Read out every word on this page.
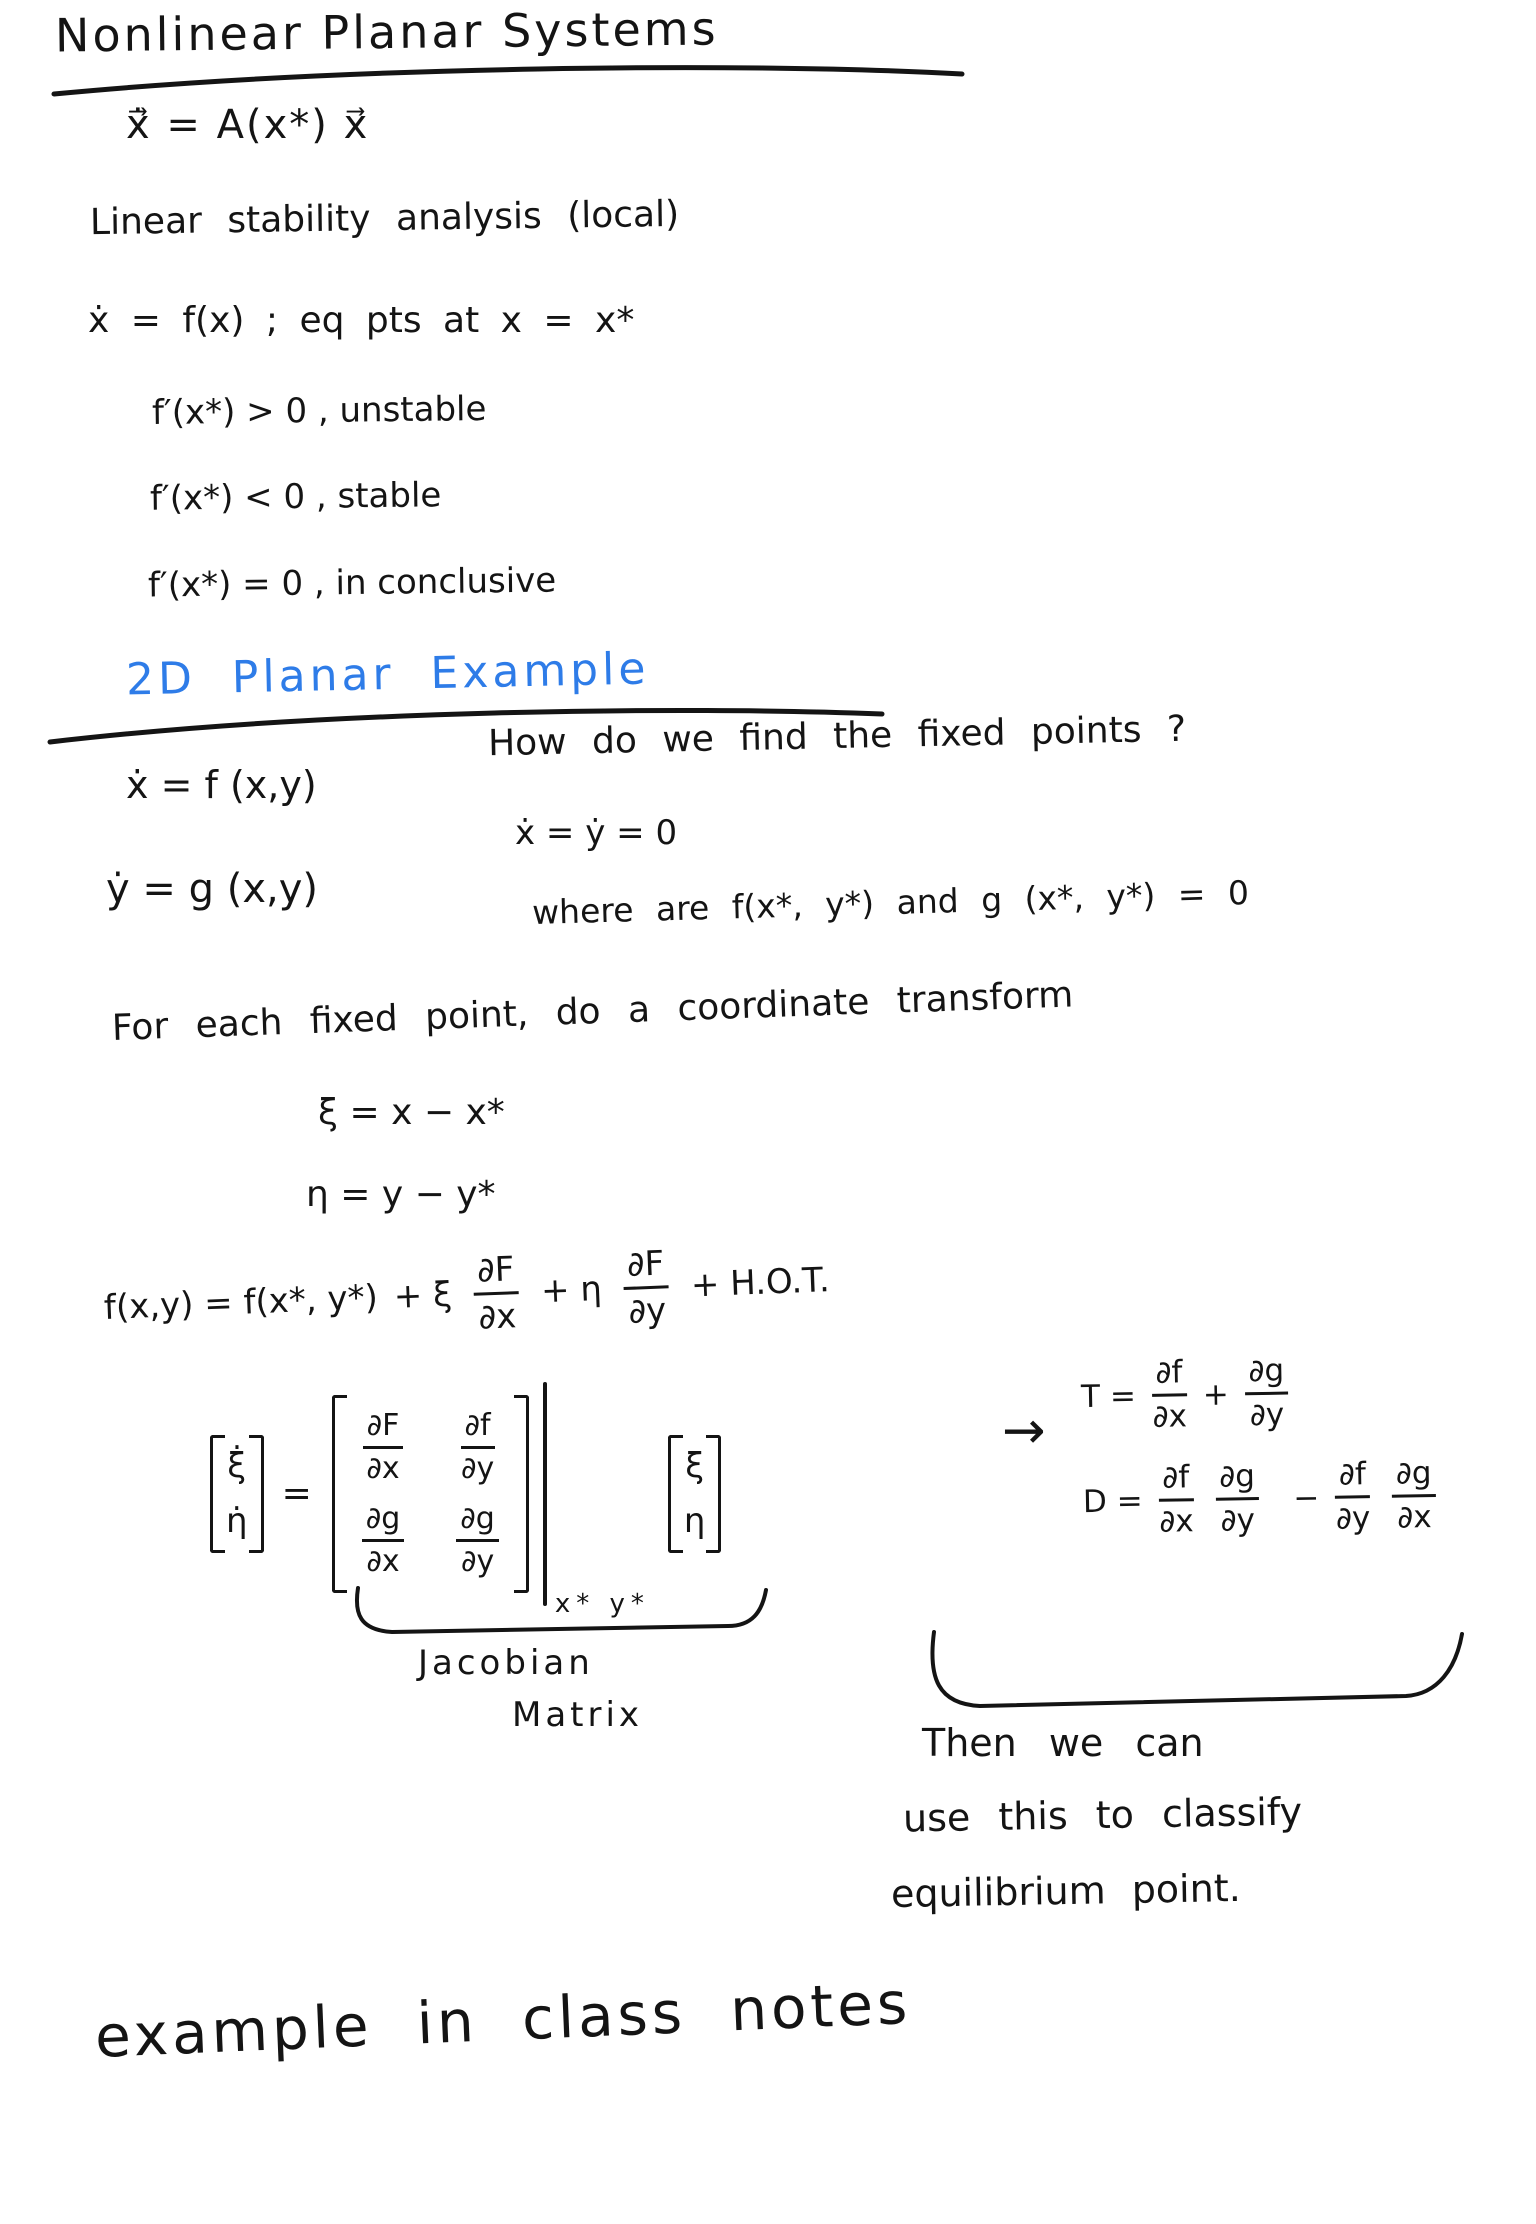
Nonlinear Planar Systems
x⃗̇ = A(x*) x⃗
Linear stability analysis (local)
ẋ = f(x) ; eq pts at x = x*
f′(x*) > 0 , unstable
f′(x*) < 0 , stable
f′(x*) = 0 , in conclusive
2D Planar Example
How do we find the fixed points ?
ẋ = f (x,y)
ẋ = ẏ = 0
ẏ = g (x,y)	where are f(x*, y*) and g (x*, y*) = 0
For each fixed point, do a coordinate transform
ξ = x − x*
η = y − y*
f(x,y) = f(x*, y*) + ξ $\frac{\partial F}{\partial x} + \eta \frac{\partial F}{\partial y} + H.O.T$.
ξ̇
η̇
=
$\frac{\partial F}{\partial x} \frac{\partial f}{\partial y}$
$\frac{\partial g}{\partial x} \frac{\partial g}{\partial y}$
x* y*
ξ
η
→
$T = \frac{\partial f}{\partial x} + \frac{\partial g}{\partial y}$
$D = \frac{\partial f}{\partial x} \frac{\partial g}{\partial y} - \frac{\partial f}{\partial y} \frac{\partial g}{\partial x}$
Jacobian
Matrix
Then we can
use this to classify
equilibrium point.
example in class notes
